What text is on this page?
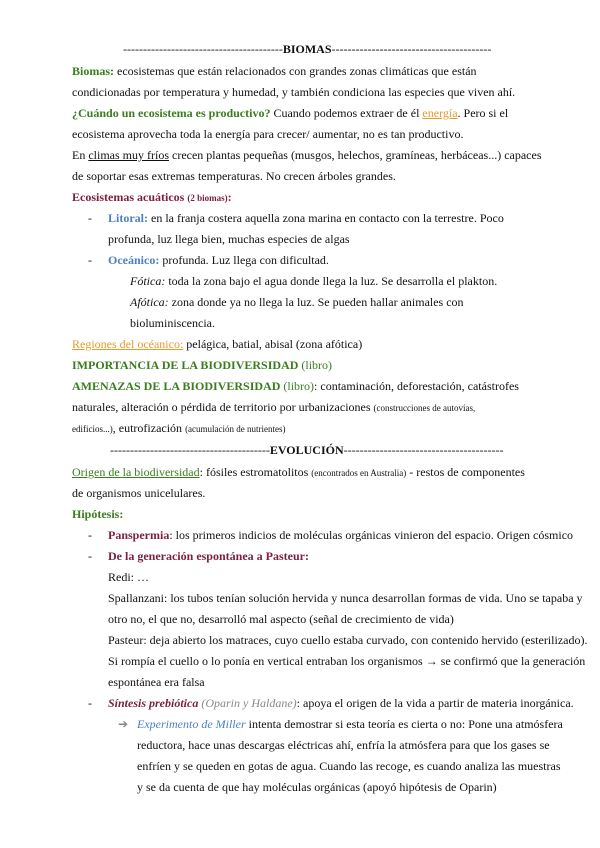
----------------------------------------BIOMAS----------------------------------------
Biomas: ecosistemas que están relacionados con grandes zonas climáticas que están
condicionadas por temperatura y humedad, y también condiciona las especies que viven ahí.
¿Cuándo un ecosistema es productivo? Cuando podemos extraer de él energía. Pero si el
ecosistema aprovecha toda la energía para crecer/ aumentar, no es tan productivo.
En climas muy fríos crecen plantas pequeñas (musgos, helechos, gramíneas, herbáceas...) capaces
de soportar esas extremas temperaturas. No crecen árboles grandes.
Ecosistemas acuáticos (2 biomas):
- Litoral: en la franja costera aquella zona marina en contacto con la terrestre. Poco
profunda, luz llega bien, muchas especies de algas
- Oceánico: profunda. Luz llega con dificultad.
Fótica: toda la zona bajo el agua donde llega la luz. Se desarrolla el plakton.
Afótica: zona donde ya no llega la luz. Se pueden hallar animales con
bioluminiscencia.
Regiones del océanico: pelágica, batial, abisal (zona afótica)
IMPORTANCIA DE LA BIODIVERSIDAD (libro)
AMENAZAS DE LA BIODIVERSIDAD (libro): contaminación, deforestación, catástrofes
naturales, alteración o pérdida de territorio por urbanizaciones (construcciones de autovías,
edificios...), eutrofización (acumulación de nutrientes)
----------------------------------------EVOLUCIÓN----------------------------------------
Origen de la biodiversidad: fósiles estromatolitos (encontrados en Australia) - restos de componentes
de organismos unicelulares.
Hipótesis:
- Panspermia: los primeros indicios de moléculas orgánicas vinieron del espacio. Origen cósmico
- De la generación espontánea a Pasteur:
Redi: …
Spallanzani: los tubos tenían solución hervida y nunca desarrollan formas de vida. Uno se tapaba y
otro no, el que no, desarrolló mal aspecto (señal de crecimiento de vida)
Pasteur: deja abierto los matraces, cuyo cuello estaba curvado, con contenido hervido (esterilizado).
Si rompía el cuello o lo ponía en vertical entraban los organismos → se confirmó que la generación
espontánea era falsa
- Síntesis prebiótica (Oparin y Haldane): apoya el origen de la vida a partir de materia inorgánica.
➔ Experimento de Miller intenta demostrar si esta teoría es cierta o no: Pone una atmósfera
reductora, hace unas descargas eléctricas ahí, enfría la atmósfera para que los gases se
enfríen y se queden en gotas de agua. Cuando las recoge, es cuando analiza las muestras
y se da cuenta de que hay moléculas orgánicas (apoyó hipótesis de Oparin)
